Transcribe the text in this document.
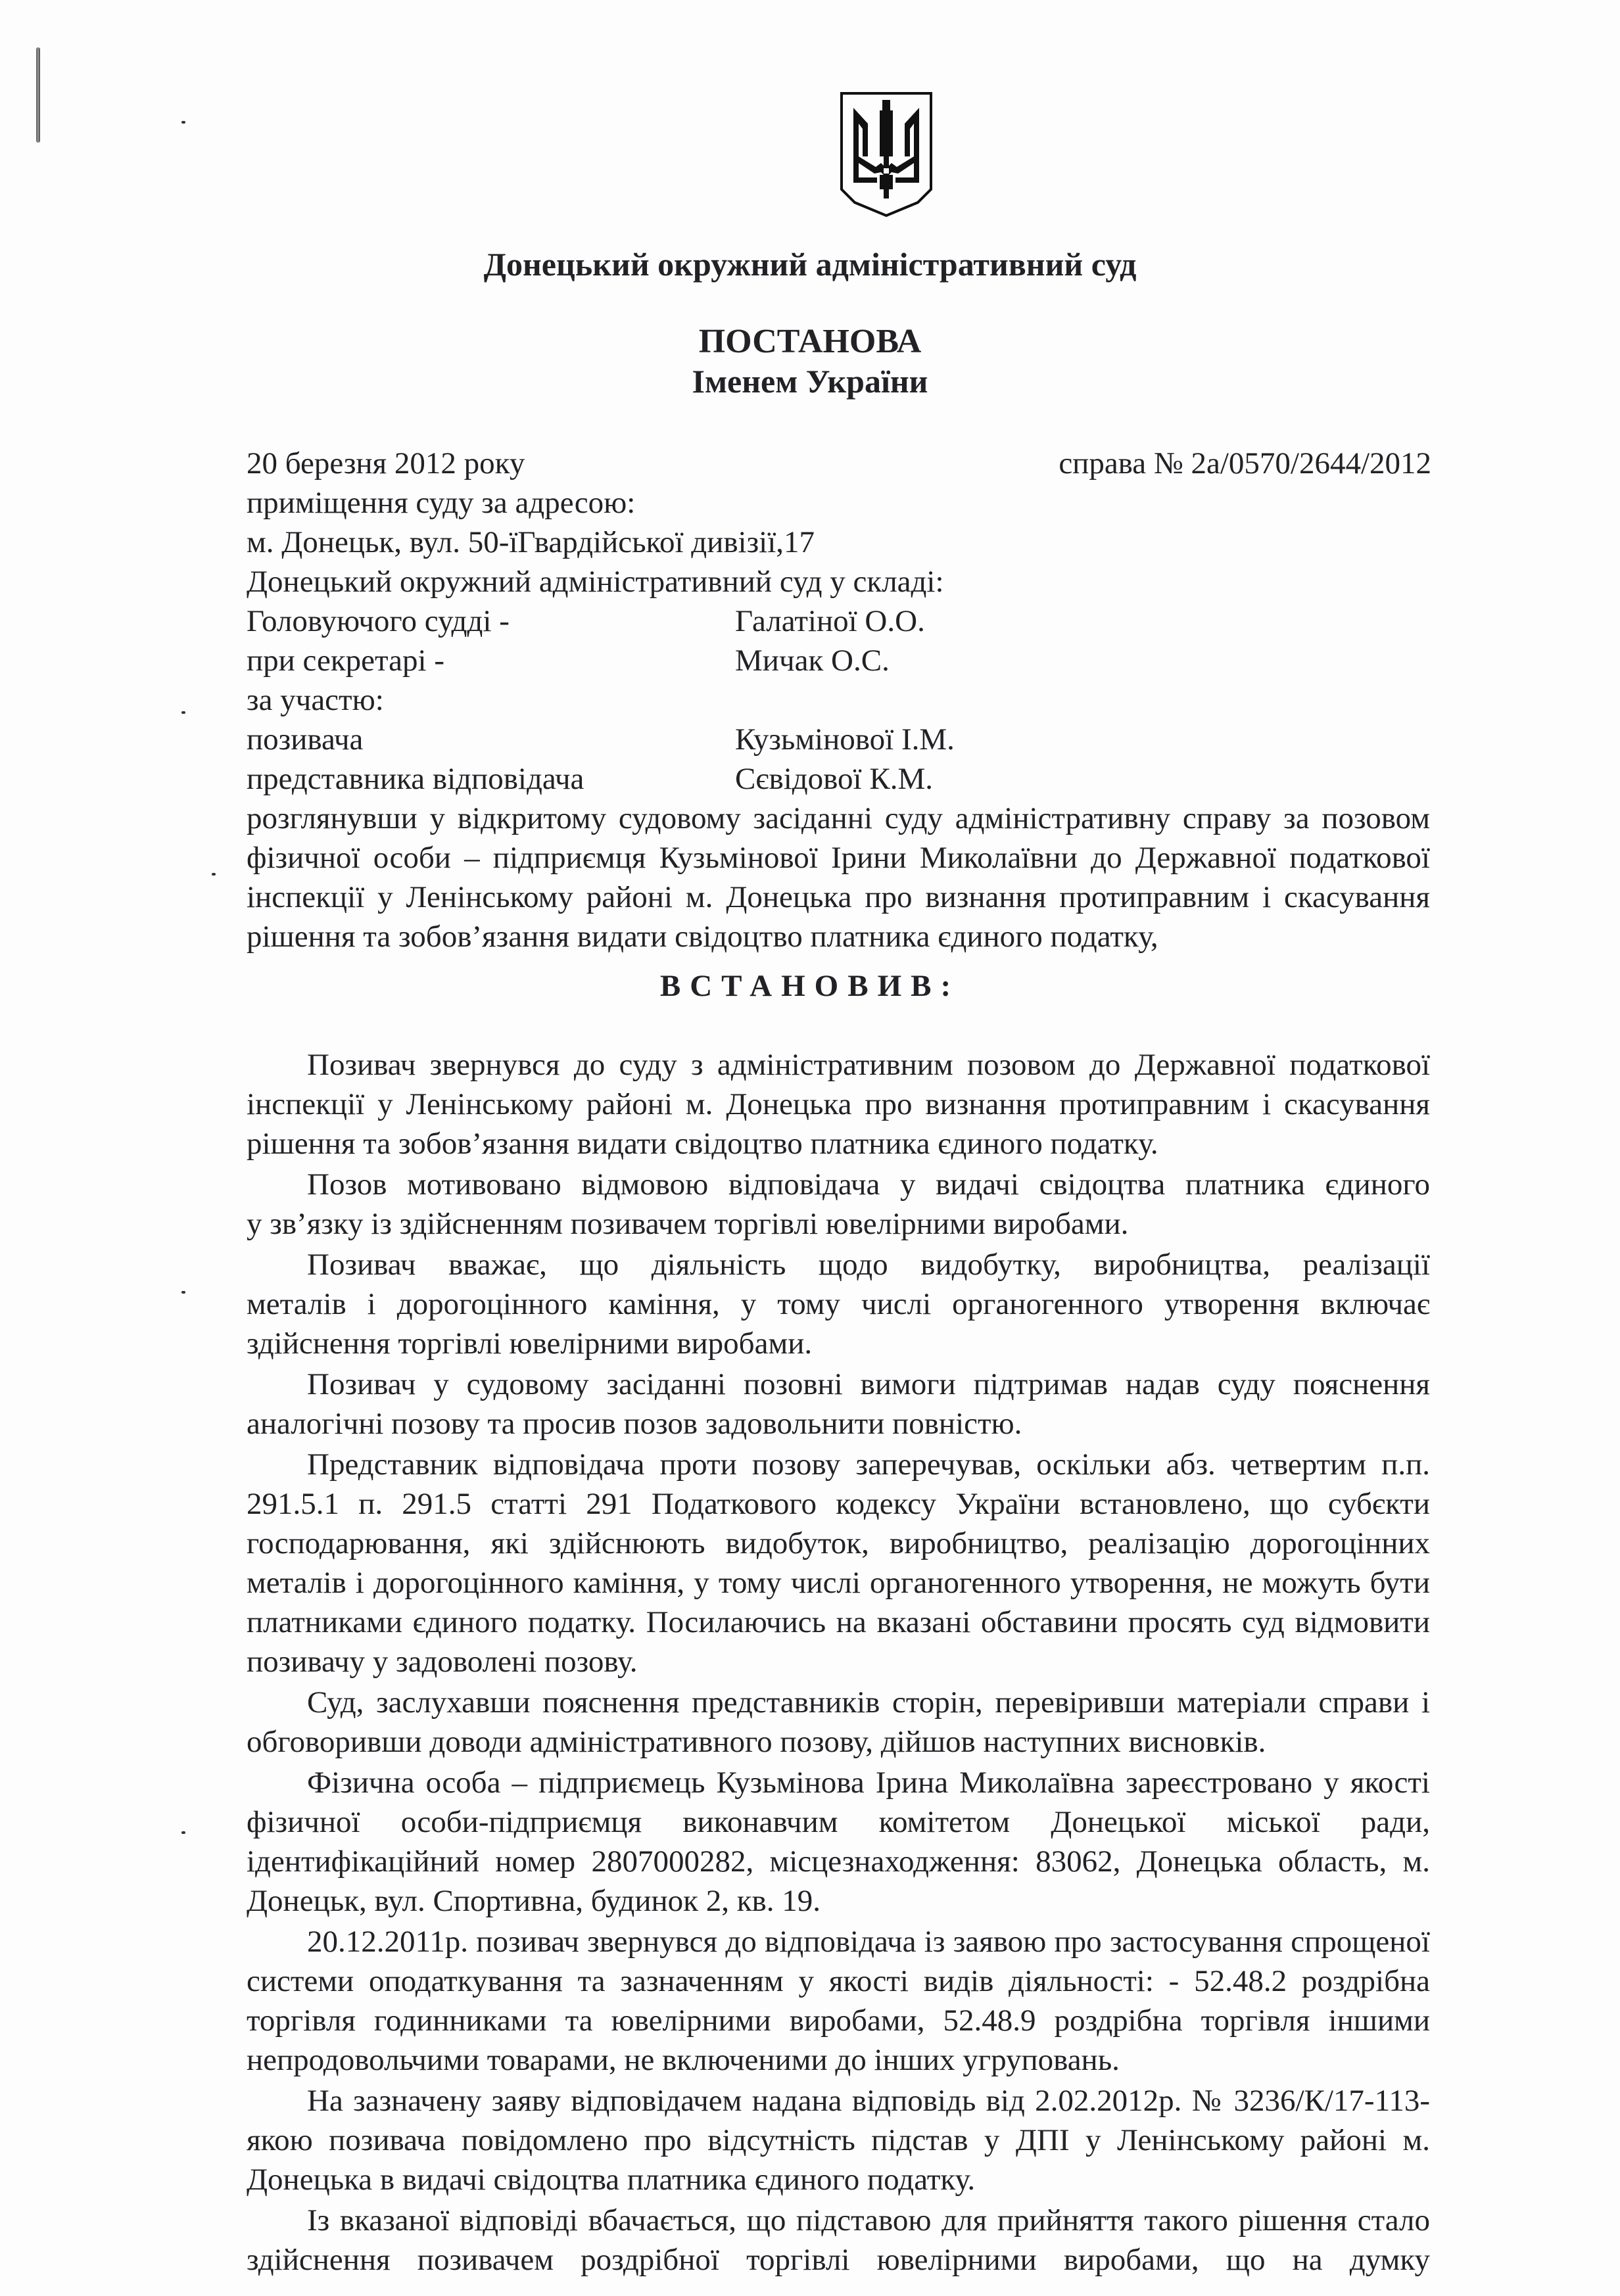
Донецький окружний адміністративний суд
ПОСТАНОВА
Іменем України
20 березня 2012 року	справа № 2а/0570/2644/2012
приміщення суду за адресою:
м. Донецьк, вул. 50-їГвардійської дивізії,17
Донецький окружний адміністративний суд у складі:
Головуючого судді -	Галатіної О.О.
при секретарі -	Мичак О.С.
за участю:
позивача	Кузьмінової І.М.
представника відповідача	Сєвідової К.М.
розглянувши у відкритому судовому засіданні суду адміністративну справу за позовом
фізичної особи – підприємця Кузьмінової Ірини Миколаївни до Державної податкової
інспекції у Ленінському районі м. Донецька про визнання протиправним і скасування
рішення та зобов’язання видати свідоцтво платника єдиного податку,
ВСТАНОВИВ:
Позивач звернувся до суду з адміністративним позовом до Державної податкової
інспекції у Ленінському районі м. Донецька про визнання протиправним і скасування
рішення та зобов’язання видати свідоцтво платника єдиного податку.
Позов мотивовано відмовою відповідача у видачі свідоцтва платника єдиного
у зв’язку із здійсненням позивачем торгівлі ювелірними виробами.
Позивач вважає, що діяльність щодо видобутку, виробництва, реалізації
металів і дорогоцінного каміння, у тому числі органогенного утворення включає
здійснення торгівлі ювелірними виробами.
Позивач у судовому засіданні позовні вимоги підтримав надав суду пояснення
аналогічні позову та просив позов задовольнити повністю.
Представник відповідача проти позову заперечував, оскільки абз. четвертим п.п.
291.5.1 п. 291.5 статті 291 Податкового кодексу України встановлено, що субєкти
господарювання, які здійснюють видобуток, виробництво, реалізацію дорогоцінних
металів і дорогоцінного каміння, у тому числі органогенного утворення, не можуть бути
платниками єдиного податку. Посилаючись на вказані обставини просять суд відмовити
позивачу у задоволені позову.
Суд, заслухавши пояснення представників сторін, перевіривши матеріали справи і
обговоривши доводи адміністративного позову, дійшов наступних висновків.
Фізична особа – підприємець Кузьмінова Ірина Миколаївна зареєстровано у якості
фізичної особи-підприємця виконавчим комітетом Донецької міської ради,
ідентифікаційний номер 2807000282, місцезнаходження: 83062, Донецька область, м.
Донецьк, вул. Спортивна, будинок 2, кв. 19.
20.12.2011р. позивач звернувся до відповідача із заявою про застосування спрощеної
системи оподаткування та зазначенням у якості видів діяльності: - 52.48.2 роздрібна
торгівля годинниками та ювелірними виробами, 52.48.9 роздрібна торгівля іншими
непродовольчими товарами, не включеними до інших угруповань.
На зазначену заяву відповідачем надана відповідь від 2.02.2012р. № 3236/К/17-113-
якою позивача повідомлено про відсутність підстав у ДПІ у Ленінському районі м.
Донецька в видачі свідоцтва платника єдиного податку.
Із вказаної відповіді вбачається, що підставою для прийняття такого рішення стало
здійснення позивачем роздрібної торгівлі ювелірними виробами, що на думку
